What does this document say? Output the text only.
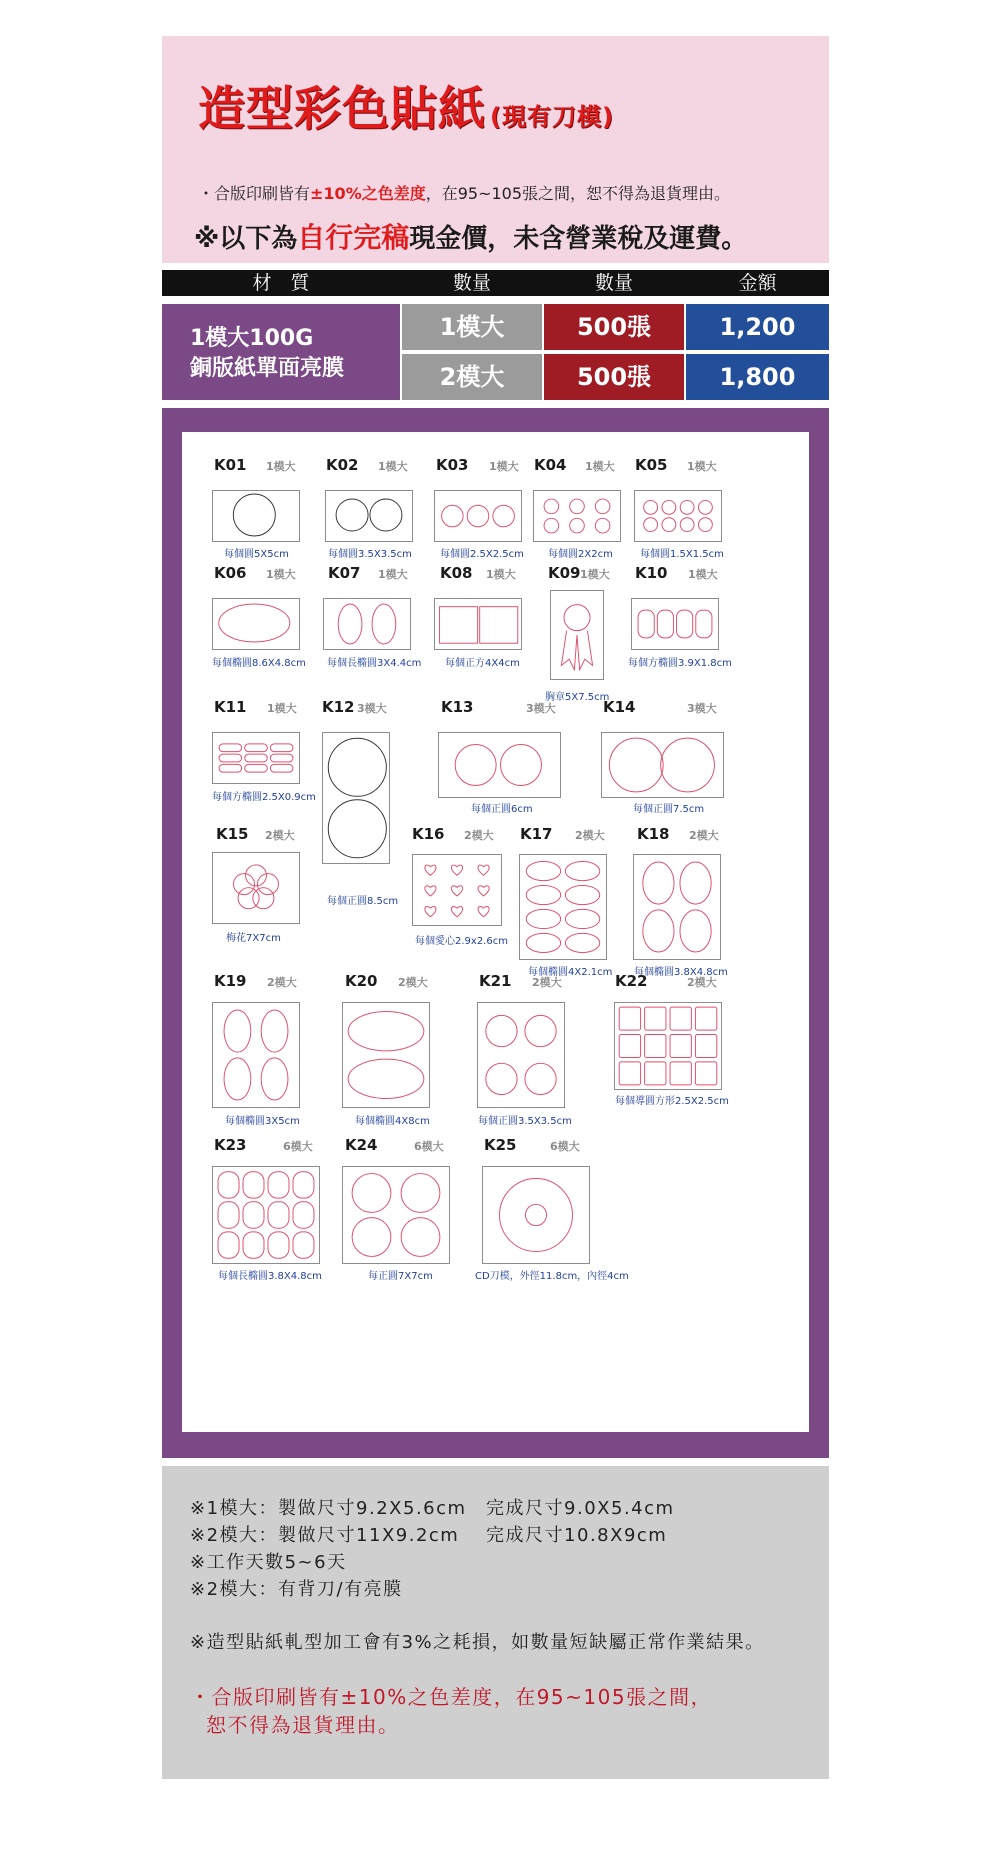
造型彩色貼紙 (現有刀模)
・合版印刷皆有±10%之色差度，在95~105張之間，恕不得為退貨理由。
※以下為自行完稿現金價，未含營業稅及運費。
材　質	數量	數量	金額
1模大100G
銅版紙單面亮膜
1模大	500張	1,200
2模大	500張	1,800
K01 1模大
每個圓5X5cm
K02 1模大
每個圓3.5X3.5cm
K03 1模大
每個圓2.5X2.5cm
K04 1模大
每個圓2X2cm
K05 1模大
每個圓1.5X1.5cm
K06 1模大
每個橢圓8.6X4.8cm
K07 1模大
每個長橢圓3X4.4cm
K08 1模大
每個正方4X4cm
K09 1模大
胸章5X7.5cm
K10 1模大
每個方橢圓3.9X1.8cm
K11 1模大
每個方橢圓2.5X0.9cm
K12 3模大
每個正圓8.5cm
K13	3模大
每個正圓6cm
K14	3模大
每個正圓7.5cm
K15 2模大
梅花7X7cm
K16 2模大
每個愛心2.9x2.6cm
K17 2模大
每個橢圓4X2.1cm
K18 2模大
每個橢圓3.8X4.8cm
K19 2模大
每個橢圓3X5cm
K20 2模大
每個橢圓4X8cm
K21 2模大
每個正圓3.5X3.5cm
K22	2模大
每個導圓方形2.5X2.5cm
K23	6模大
每個長橢圓3.8X4.8cm
K24	6模大
每正圓7X7cm
K25	6模大
CD刀模，外徑11.8cm，內徑4cm
※1模大：製做尺寸9.2X5.6cm　完成尺寸9.0X5.4cm
※2模大：製做尺寸11X9.2cm　 完成尺寸10.8X9cm
※工作天數5~6天
※2模大：有背刀/有亮膜
※造型貼紙軋型加工會有3%之耗損，如數量短缺屬正常作業結果。
・合版印刷皆有±10%之色差度，在95~105張之間，
恕不得為退貨理由。
